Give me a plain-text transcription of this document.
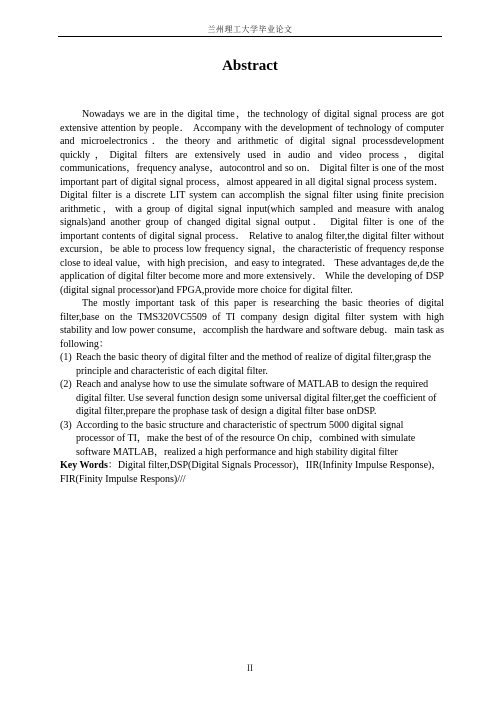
兰州理工大学毕业论文
Abstract

Nowadays we are in the digital time，the technology of digital signal process are got extensive attention by people． Accompany with the development of technology of computer and microelectronics．the theory and arithmetic of digital signal processdevelopment quickly，Digital filters are extensively used in audio and video process，digital communications，frequency analyse，autocontrol and so on． Digital filter is one of the most important part of digital signal process，almost appeared in all digital signal process system． Digital filter is a discrete LIT system can accomplish the signal filter using finite precision arithmetic，with a group of digital signal input(which sampled and measure with analog signals)and another group of changed digital signal output． Digital filter is one of the important contents of digital signal process． Relative to analog filter,the digital filter without excursion，be able to process low frequency signal，the characteristic of frequency response close to ideal value，with high precision，and easy to integrated． These advantages de,de the application of digital filter become more and more extensively． While the developing of DSP (digital signal processor)and FPGA,provide more choice for digital filter.

The mostly important task of this paper is researching the basic theories of digital filter,base on the TMS320VC5509 of TI company design digital filter system with high stability and low power consume，accomplish the hardware and software debug．main task as following：

(1) Reach the basic theory of digital filter and the method of realize of digital filter,grasp the principle and characteristic of each digital filter.
(2) Reach and analyse how to use the simulate software of MATLAB to design the required digital filter. Use several function design some universal digital filter,get the coefficient of digital filter,prepare the prophase task of design a digital filter base onDSP.
(3) According to the basic structure and characteristic of spectrum 5000 digital signal processor of TI，make the best of of the resource On chip，combined with simulate software MATLAB，realized a high performance and high stability digital filter

Key Words：Digital filter,DSP(Digital Signals Processor)，IIR(Infinity Impulse Response)，FIR(Finity Impulse Respons)///

II
